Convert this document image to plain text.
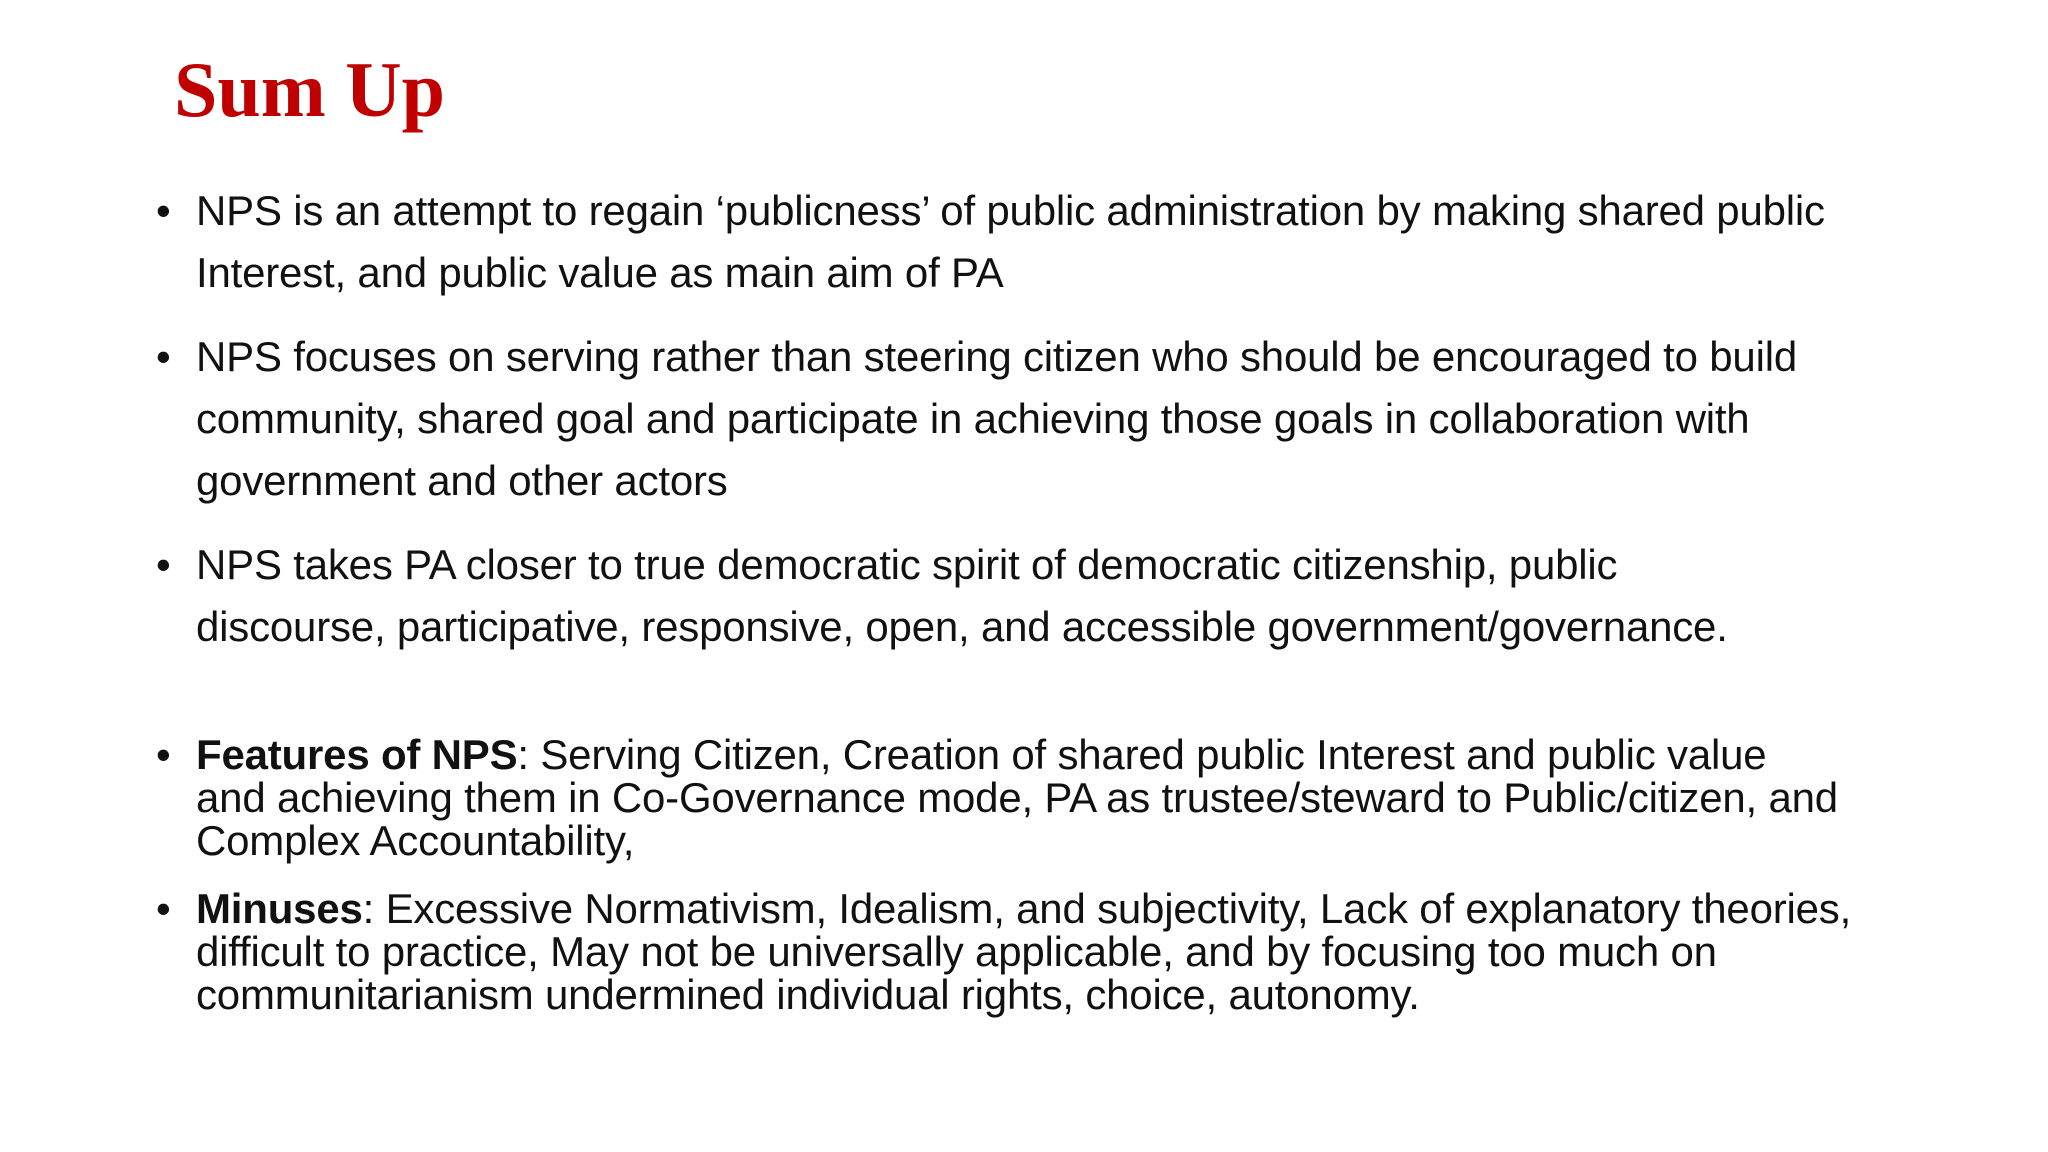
Sum Up
• NPS is an attempt to regain ‘publicness’ of public administration by making shared public Interest, and public value as main aim of PA
• NPS focuses on serving rather than steering citizen who should be encouraged to build community, shared goal and participate in achieving those goals in collaboration with government and other actors
• NPS takes PA closer to true democratic spirit of democratic citizenship, public discourse, participative, responsive, open, and accessible government/governance.
• Features of NPS: Serving Citizen, Creation of shared public Interest and public value and achieving them in Co-Governance mode, PA as trustee/steward to Public/citizen, and Complex Accountability,
• Minuses: Excessive Normativism, Idealism, and subjectivity, Lack of explanatory theories, difficult to practice, May not be universally applicable, and by focusing too much on communitarianism undermined individual rights, choice, autonomy.
